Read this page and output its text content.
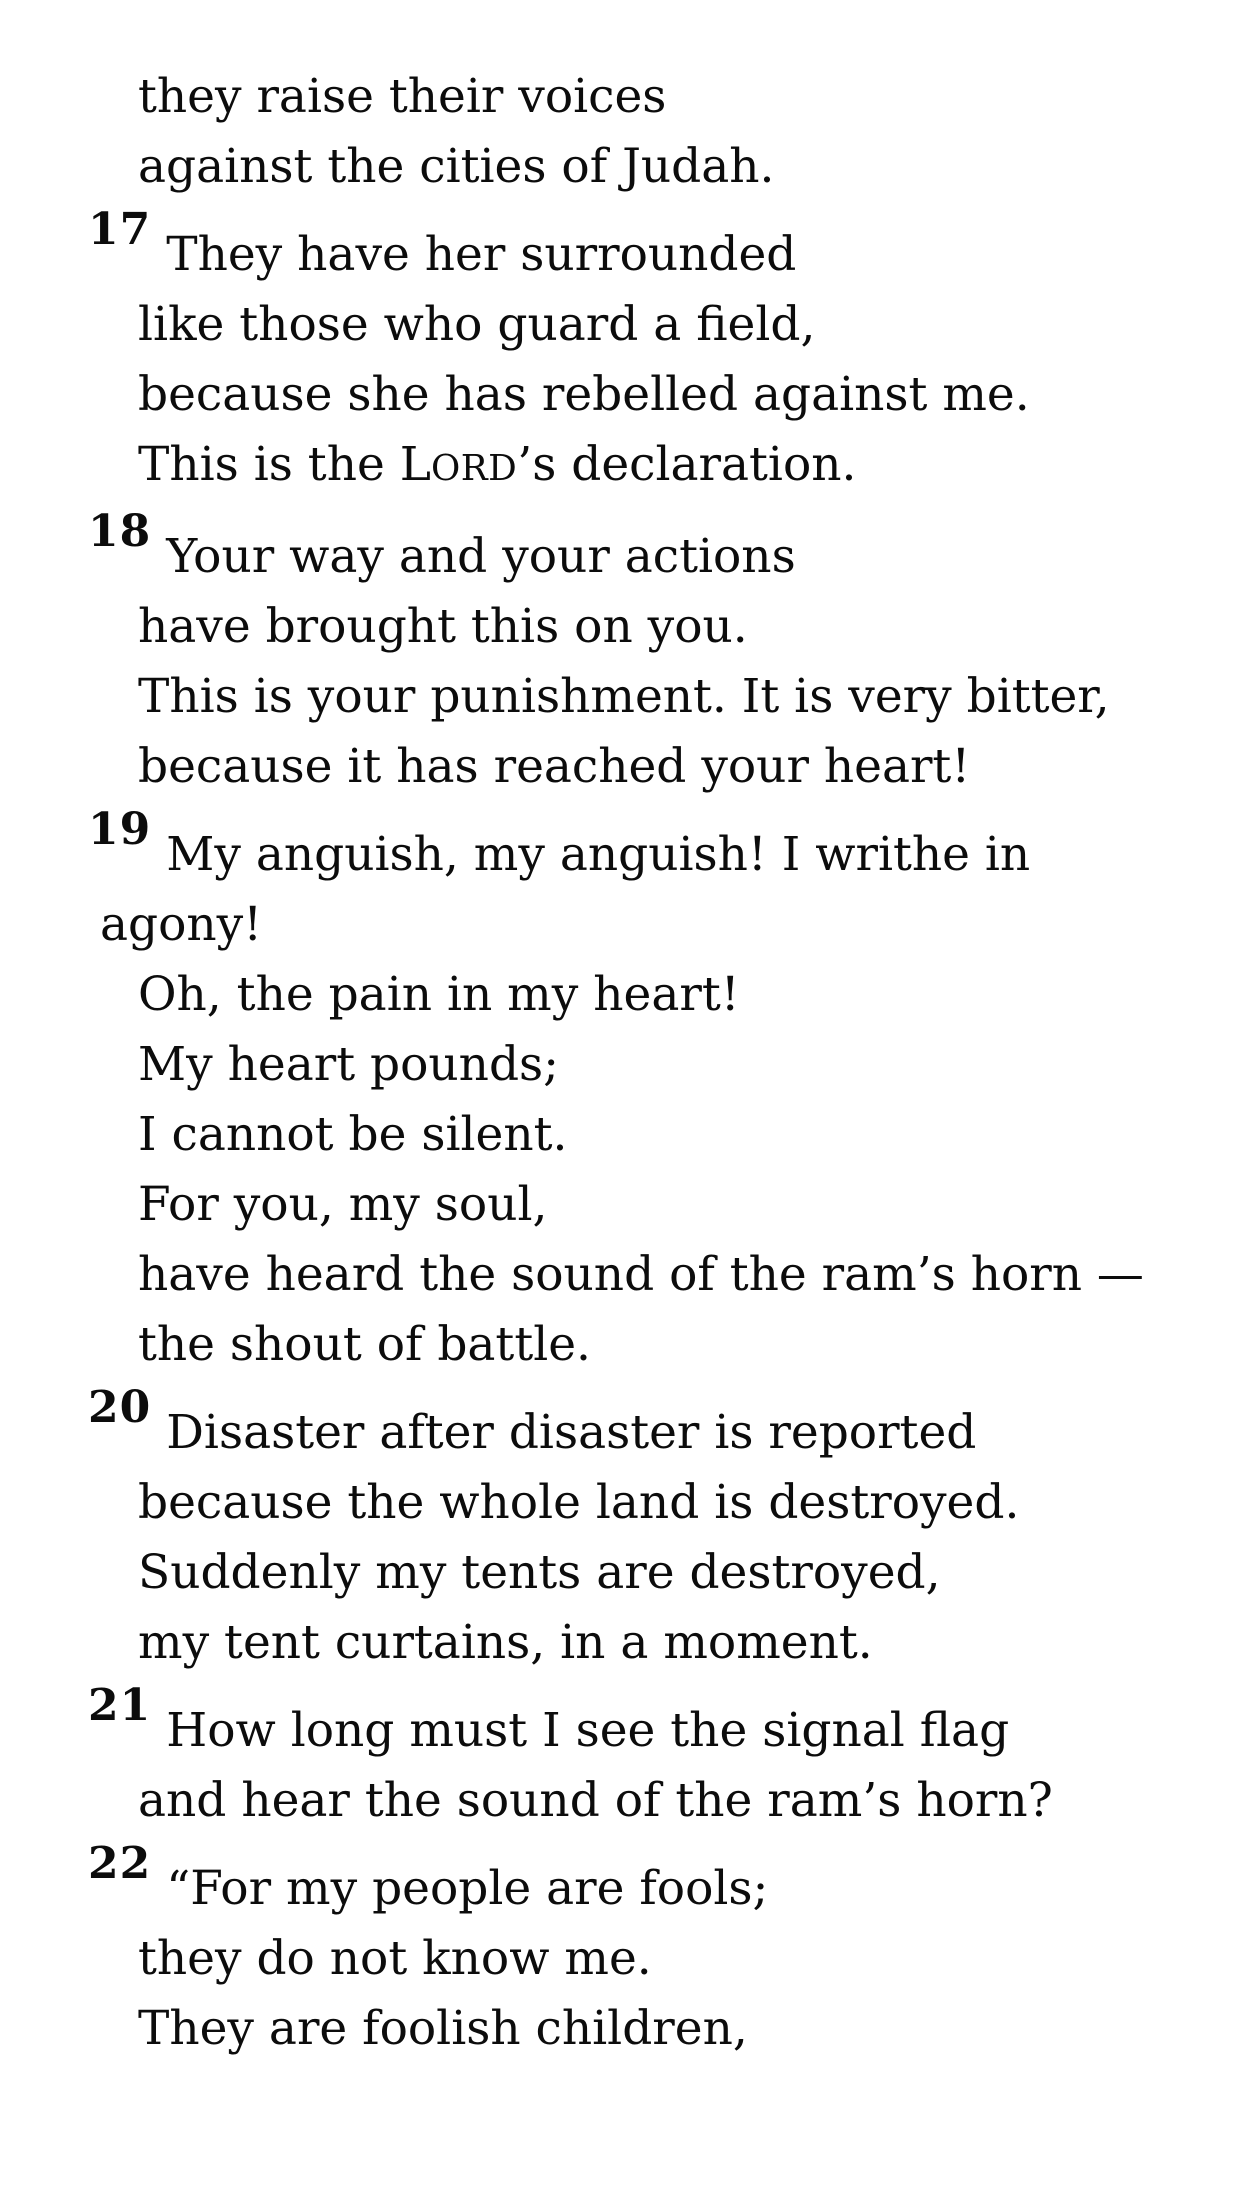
they raise their voices
against the cities of Judah.
17 They have her surrounded
like those who guard a field,
because she has rebelled against me.
This is the LORD’s declaration.
18 Your way and your actions
have brought this on you.
This is your punishment. It is very bitter,
because it has reached your heart!
19 My anguish, my anguish! I writhe in
agony!
Oh, the pain in my heart!
My heart pounds;
I cannot be silent.
For you, my soul,
have heard the sound of the ram’s horn —
the shout of battle.
20 Disaster after disaster is reported
because the whole land is destroyed.
Suddenly my tents are destroyed,
my tent curtains, in a moment.
21 How long must I see the signal flag
and hear the sound of the ram’s horn?
22 “For my people are fools;
they do not know me.
They are foolish children,
